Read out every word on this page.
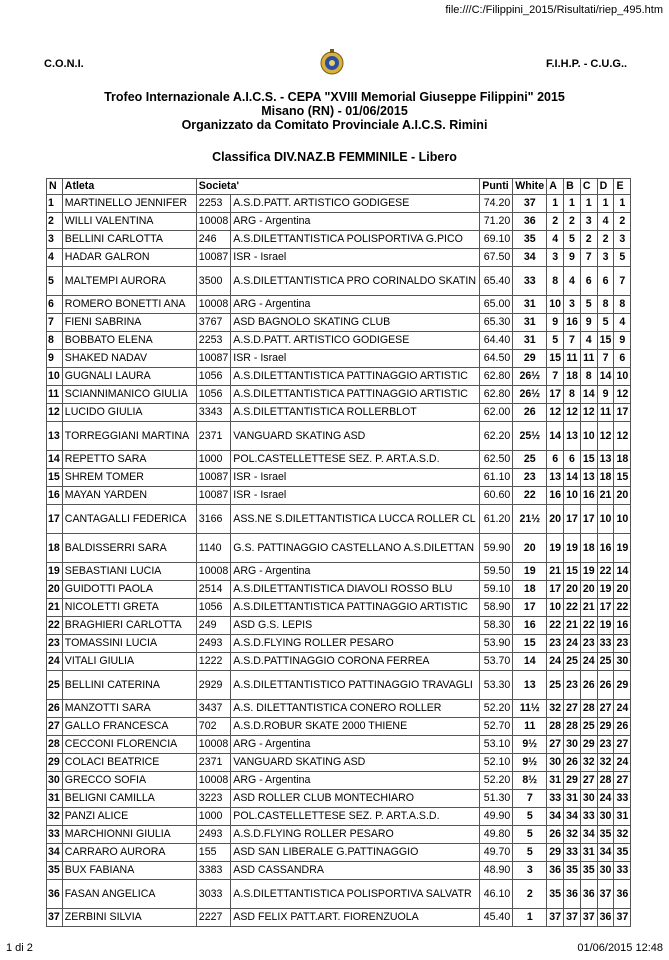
file:///C:/Filippini_2015/Risultati/riep_495.htm
C.O.N.I.	F.I.H.P. - C.U.G..
Trofeo Internazionale A.I.C.S. - CEPA "XVIII Memorial Giuseppe Filippini" 2015
Misano (RN) - 01/06/2015
Organizzato da Comitato Provinciale A.I.C.S. Rimini
Classifica DIV.NAZ.B FEMMINILE - Libero
N	Atleta	Societa'		Punti	White	A	B	C	D	E
1	MARTINELLO JENNIFER	2253	A.S.D.PATT. ARTISTICO GODIGESE	74.20	37	1	1	1	1	1
2	WILLI VALENTINA	10008	ARG - Argentina	71.20	36	2	2	3	4	2
3	BELLINI CARLOTTA	246	A.S.DILETTANTISTICA POLISPORTIVA G.PICO	69.10	35	4	5	2	2	3
4	HADAR GALRON	10087	ISR - Israel	67.50	34	3	9	7	3	5
5	MALTEMPI AURORA	3500	A.S.DILETTANTISTICA PRO CORINALDO SKATIN	65.40	33	8	4	6	6	7
6	ROMERO BONETTI ANA	10008	ARG - Argentina	65.00	31	10	3	5	8	8
7	FIENI SABRINA	3767	ASD BAGNOLO SKATING CLUB	65.30	31	9	16	9	5	4
8	BOBBATO ELENA	2253	A.S.D.PATT. ARTISTICO GODIGESE	64.40	31	5	7	4	15	9
9	SHAKED NADAV	10087	ISR - Israel	64.50	29	15	11	11	7	6
10	GUGNALI LAURA	1056	A.S.DILETTANTISTICA PATTINAGGIO ARTISTIC	62.80	26½	7	18	8	14	10
11	SCIANNIMANICO GIULIA	1056	A.S.DILETTANTISTICA PATTINAGGIO ARTISTIC	62.80	26½	17	8	14	9	12
12	LUCIDO GIULIA	3343	A.S.DILETTANTISTICA ROLLERBLOT	62.00	26	12	12	12	11	17
13	TORREGGIANI MARTINA	2371	VANGUARD SKATING ASD	62.20	25½	14	13	10	12	12
14	REPETTO SARA	1000	POL.CASTELLETTESE SEZ. P. ART.A.S.D.	62.50	25	6	6	15	13	18
15	SHREM TOMER	10087	ISR - Israel	61.10	23	13	14	13	18	15
16	MAYAN YARDEN	10087	ISR - Israel	60.60	22	16	10	16	21	20
17	CANTAGALLI FEDERICA	3166	ASS.NE S.DILETTANTISTICA LUCCA ROLLER CL	61.20	21½	20	17	17	10	10
18	BALDISSERRI SARA	1140	G.S. PATTINAGGIO CASTELLANO A.S.DILETTAN	59.90	20	19	19	18	16	19
19	SEBASTIANI LUCIA	10008	ARG - Argentina	59.50	19	21	15	19	22	14
20	GUIDOTTI PAOLA	2514	A.S.DILETTANTISTICA DIAVOLI ROSSO BLU	59.10	18	17	20	20	19	20
21	NICOLETTI GRETA	1056	A.S.DILETTANTISTICA PATTINAGGIO ARTISTIC	58.90	17	10	22	21	17	22
22	BRAGHIERI CARLOTTA	249	ASD G.S. LEPIS	58.30	16	22	21	22	19	16
23	TOMASSINI LUCIA	2493	A.S.D.FLYING ROLLER PESARO	53.90	15	23	24	23	33	23
24	VITALI GIULIA	1222	A.S.D.PATTINAGGIO CORONA FERREA	53.70	14	24	25	24	25	30
25	BELLINI CATERINA	2929	A.S.DILETTANTISTICO PATTINAGGIO TRAVAGLI	53.30	13	25	23	26	26	29
26	MANZOTTI SARA	3437	A.S. DILETTANTISTICA CONERO ROLLER	52.20	11½	32	27	28	27	24
27	GALLO FRANCESCA	702	A.S.D.ROBUR SKATE 2000 THIENE	52.70	11	28	28	25	29	26
28	CECCONI FLORENCIA	10008	ARG - Argentina	53.10	9½	27	30	29	23	27
29	COLACI BEATRICE	2371	VANGUARD SKATING ASD	52.10	9½	30	26	32	32	24
30	GRECCO SOFIA	10008	ARG - Argentina	52.20	8½	31	29	27	28	27
31	BELIGNI CAMILLA	3223	ASD ROLLER CLUB MONTECHIARO	51.30	7	33	31	30	24	33
32	PANZI ALICE	1000	POL.CASTELLETTESE SEZ. P. ART.A.S.D.	49.90	5	34	34	33	30	31
33	MARCHIONNI GIULIA	2493	A.S.D.FLYING ROLLER PESARO	49.80	5	26	32	34	35	32
34	CARRARO AURORA	155	ASD SAN LIBERALE G.PATTINAGGIO	49.70	5	29	33	31	34	35
35	BUX FABIANA	3383	ASD CASSANDRA	48.90	3	36	35	35	30	33
36	FASAN ANGELICA	3033	A.S.DILETTANTISTICA POLISPORTIVA SALVATR	46.10	2	35	36	36	37	36
37	ZERBINI SILVIA	2227	ASD FELIX PATT.ART. FIORENZUOLA	45.40	1	37	37	37	36	37
1 di 2	01/06/2015 12:48
